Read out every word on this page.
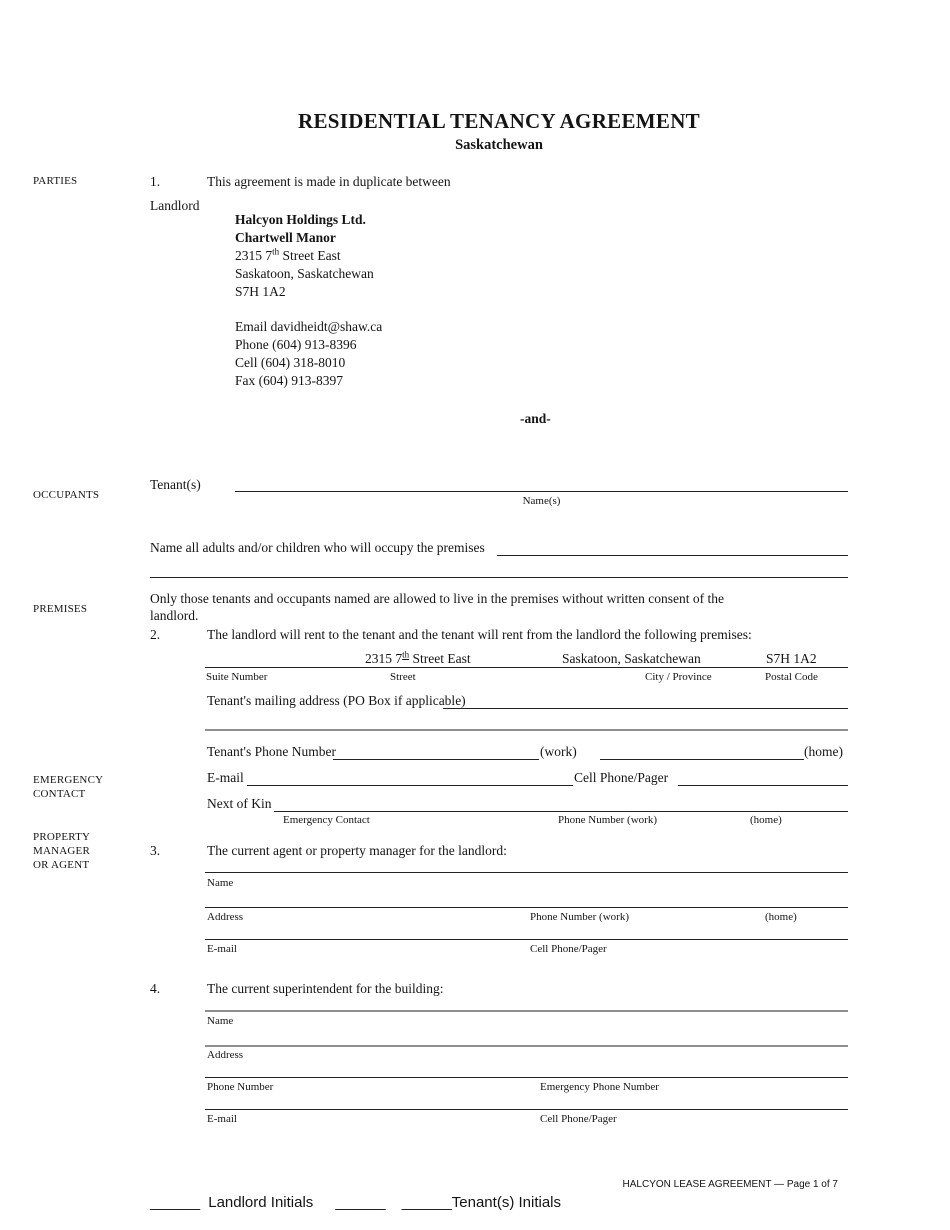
RESIDENTIAL TENANCY AGREEMENT
Saskatchewan
PARTIES
OCCUPANTS
PREMISES
EMERGENCY
CONTACT
PROPERTY
MANAGER
OR AGENT
1.	This agreement is made in duplicate between
Landlord
Halcyon Holdings Ltd.
Chartwell Manor
2315 7th Street East
Saskatoon, Saskatchewan
S7H 1A2
Email davidheidt@shaw.ca
Phone (604) 913-8396
Cell (604) 318-8010
Fax (604) 913-8397
-and-
Tenant(s)
Name(s)
Name all adults and/or children who will occupy the premises
Only those tenants and occupants named are allowed to live in the premises without written consent of the
landlord.
2.	The landlord will rent to the tenant and the tenant will rent from the landlord the following premises:
2315 7th Street East	Saskatoon, Saskatchewan	S7H 1A2
Suite Number	Street	City / Province	Postal Code
Tenant's mailing address (PO Box if applicable)
Tenant's Phone Number	(work)	(home)
E-mail	Cell Phone/Pager
Next of Kin
Emergency Contact	Phone Number (work)	(home)
3.	The current agent or property manager for the landlord:
Name
Address	Phone Number (work)	(home)
E-mail	Cell Phone/Pager
4.	The current superintendent for the building:
Name
Address
Phone Number	Emergency Phone Number
E-mail	Cell Phone/Pager
HALCYON LEASE AGREEMENT — Page 1 of 7
______ Landlord Initials ______ ______Tenant(s) Initials
